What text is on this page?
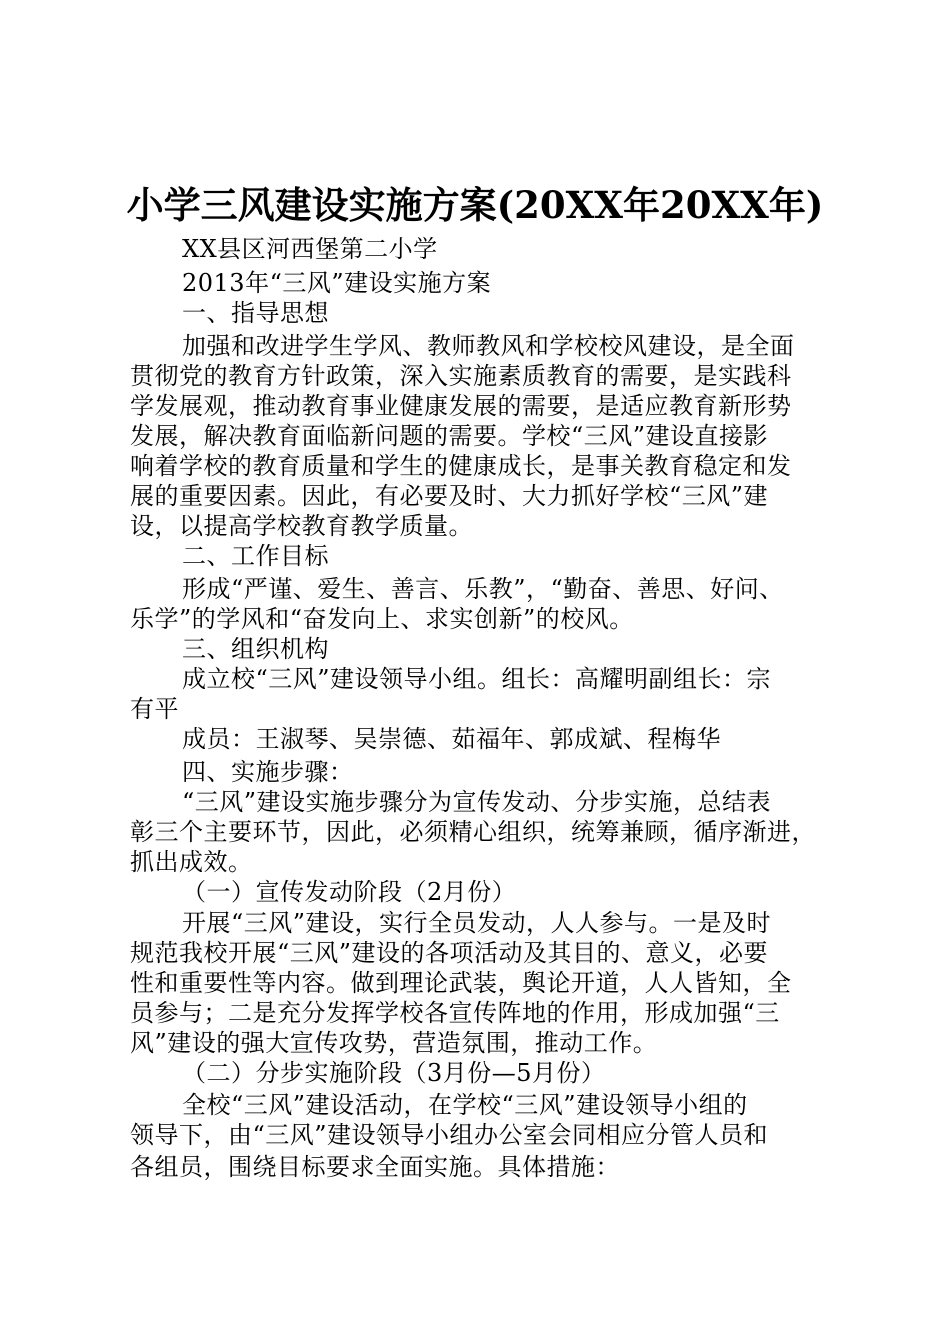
小学三风建设实施方案(20XX年20XX年)
XX县区河西堡第二小学
2013年“三风”建设实施方案
一、指导思想
加强和改进学生学风、教师教风和学校校风建设，是全面
贯彻党的教育方针政策，深入实施素质教育的需要，是实践科
学发展观，推动教育事业健康发展的需要，是适应教育新形势
发展，解决教育面临新问题的需要。学校“三风”建设直接影
响着学校的教育质量和学生的健康成长，是事关教育稳定和发
展的重要因素。因此，有必要及时、大力抓好学校“三风”建
设，以提高学校教育教学质量。
二、工作目标
形成“严谨、爱生、善言、乐教”，“勤奋、善思、好问、
乐学”的学风和“奋发向上、求实创新”的校风。
三、组织机构
成立校“三风”建设领导小组。组长：高耀明副组长：宗
有平
成员：王淑琴、吴崇德、茹福年、郭成斌、程梅华
四、实施步骤：
“三风”建设实施步骤分为宣传发动、分步实施，总结表
彰三个主要环节，因此，必须精心组织，统筹兼顾，循序渐进，
抓出成效。
（一）宣传发动阶段（2月份）
开展“三风”建设，实行全员发动，人人参与。一是及时
规范我校开展“三风”建设的各项活动及其目的、意义，必要
性和重要性等内容。做到理论武装，舆论开道，人人皆知，全
员参与；二是充分发挥学校各宣传阵地的作用，形成加强“三
风”建设的强大宣传攻势，营造氛围，推动工作。
（二）分步实施阶段（3月份—5月份）
全校“三风”建设活动，在学校“三风”建设领导小组的
领导下，由“三风”建设领导小组办公室会同相应分管人员和
各组员，围绕目标要求全面实施。具体措施：
